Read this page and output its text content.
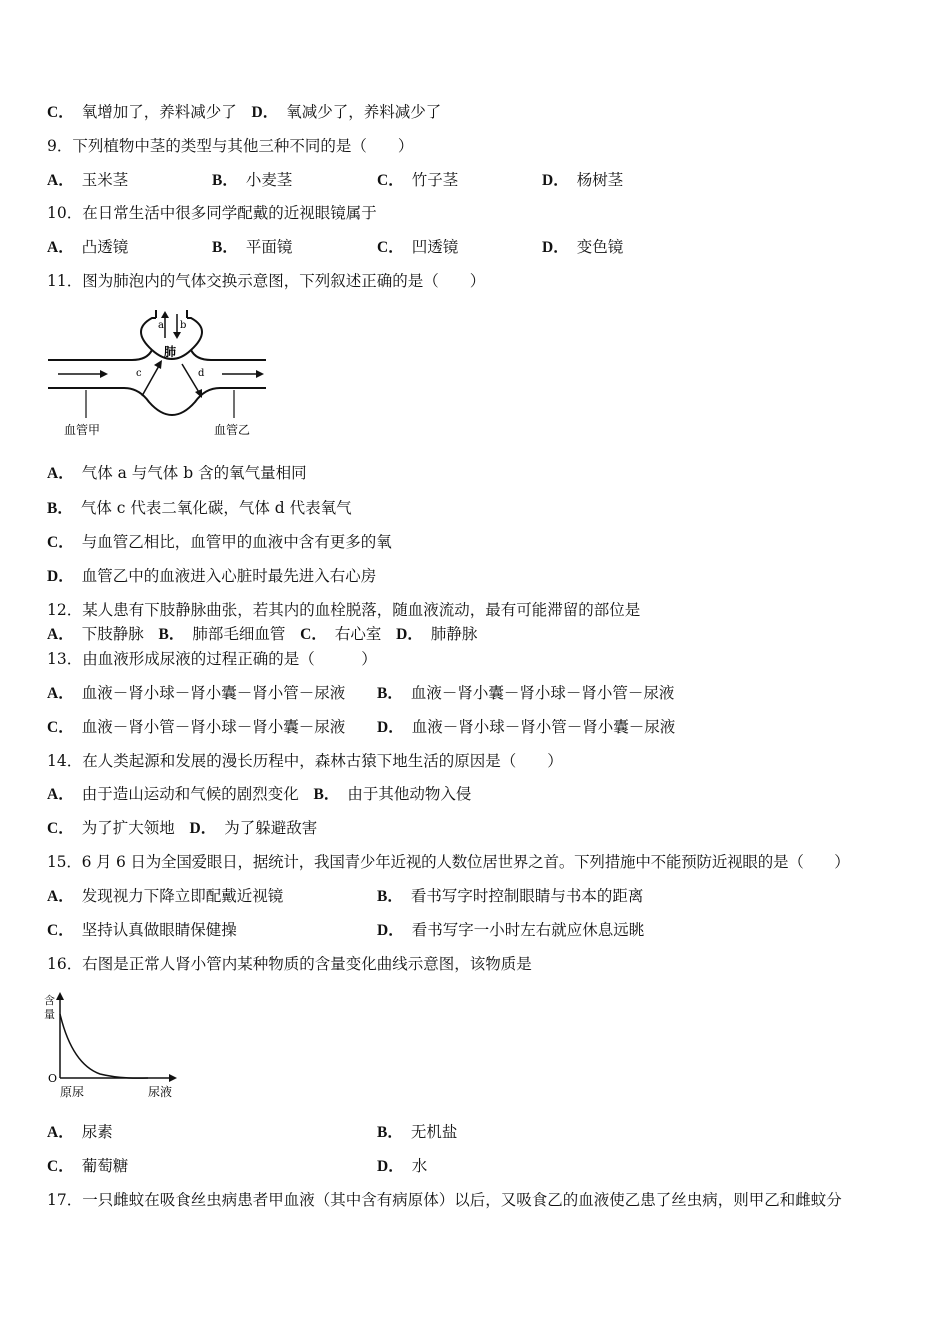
C． 氧增加了，养料减少了 D． 氧减少了，养料减少了
9．下列植物中茎的类型与其他三种不同的是（　　）
A． 玉米茎	B． 小麦茎	C． 竹子茎	D． 杨树茎
10．在日常生活中很多同学配戴的近视眼镜属于
A． 凸透镜	B． 平面镜	C． 凹透镜	D． 变色镜
11．图为肺泡内的气体交换示意图，下列叙述正确的是（　　）
a b
肺
c	d
血管甲	血管乙
A． 气体 a 与气体 b 含的氧气量相同
B． 气体 c 代表二氧化碳，气体 d 代表氧气
C． 与血管乙相比，血管甲的血液中含有更多的氧
D． 血管乙中的血液进入心脏时最先进入右心房
12．某人患有下肢静脉曲张，若其内的血栓脱落，随血液流动，最有可能滞留的部位是
A． 下肢静脉 B． 肺部毛细血管 C． 右心室 D． 肺静脉
13．由血液形成尿液的过程正确的是（　　　）
A． 血液－肾小球－肾小囊－肾小管－尿液 B． 血液－肾小囊－肾小球－肾小管－尿液
C． 血液－肾小管－肾小球－肾小囊－尿液 D． 血液－肾小球－肾小管－肾小囊－尿液
14．在人类起源和发展的漫长历程中，森林古猿下地生活的原因是（　　）
A． 由于造山运动和气候的剧烈变化 B． 由于其他动物入侵
C． 为了扩大领地 D． 为了躲避敌害
15．6 月 6 日为全国爱眼日，据统计，我国青少年近视的人数位居世界之首。下列措施中不能预防近视眼的是（　　）
A． 发现视力下降立即配戴近视镜	B． 看书写字时控制眼睛与书本的距离
C． 坚持认真做眼睛保健操	D． 看书写字一小时左右就应休息远眺
16．右图是正常人肾小管内某种物质的含量变化曲线示意图，该物质是
含
量
O
原尿	尿液
A． 尿素	B． 无机盐
C． 葡萄糖	D． 水
17．一只雌蚊在吸食丝虫病患者甲血液（其中含有病原体）以后，又吸食乙的血液使乙患了丝虫病，则甲乙和雌蚊分
